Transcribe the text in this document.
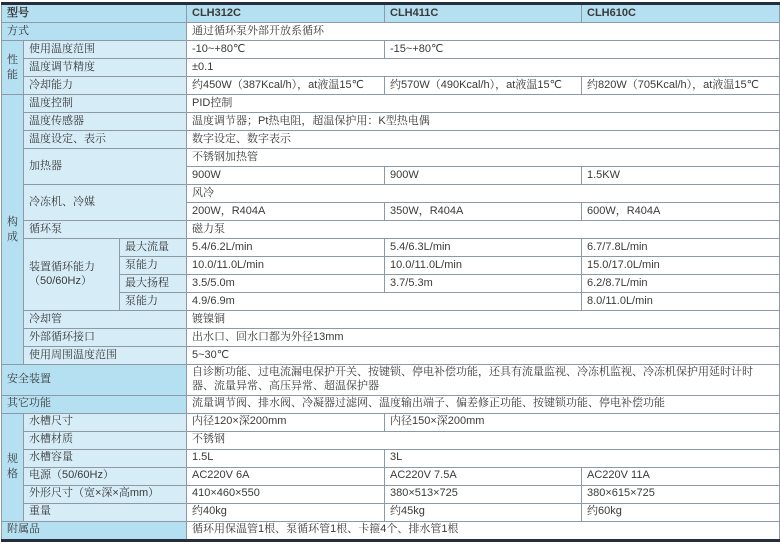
型号			CLH312C	CLH411C	CLH610C
方式			通过循环泵外部开放系循环		
性能	使用温度范围		-10~+80℃	-15~+80℃	
	温度调节精度		±0.1		
	冷却能力		约450W（387Kcal/h），at液温15℃	约570W（490Kcal/h），at液温15℃	约820W（705Kcal/h），at液温15℃
构成	温度控制		PID控制		
	温度传感器		温度调节器；Pt热电阻，超温保护用：K型热电偶		
	温度设定、表示		数字设定、数字表示		
	加热器		不锈钢加热管		
			900W	900W	1.5KW
	冷冻机、冷媒		风冷		
			200W，R404A	350W，R404A	600W，R404A
	循环泵		磁力泵		
	装置循环能力（50/60Hz）	最大流量	5.4/6.2L/min	5.4/6.3L/min	6.7/7.8L/min
		泵能力	10.0/11.0L/min	10.0/11.0L/min	15.0/17.0L/min
		最大扬程	3.5/5.0m	3.7/5.3m	6.2/8.7L/min
		泵能力	4.9/6.9m		8.0/11.0L/min
	冷却管		镀镍铜		
	外部循环接口		出水口、回水口都为外径13mm		
	使用周围温度范围		5~30℃		
安全装置			自诊断功能、过电流漏电保护开关、按键锁、停电补偿功能，还具有流量监视、冷冻机监视、冷冻机保护用延时计时器、流量异常、高压异常、超温保护器		
其它功能			流量调节阀、排水阀、冷凝器过滤网、温度输出端子、偏差修正功能、按键锁功能、停电补偿功能		
规格	水槽尺寸		内径120×深200mm	内径150×深200mm	
	水槽材质		不锈钢		
	水槽容量		1.5L	3L	
	电源（50/60Hz）		AC220V 6A	AC220V 7.5A	AC220V 11A
	外形尺寸（宽×深×高mm）		410×460×550	380×513×725	380×615×725
	重量		约40kg	约45kg	约60kg
附属品			循环用保温管1根、泵循环管1根、卡箍4个、排水管1根		
